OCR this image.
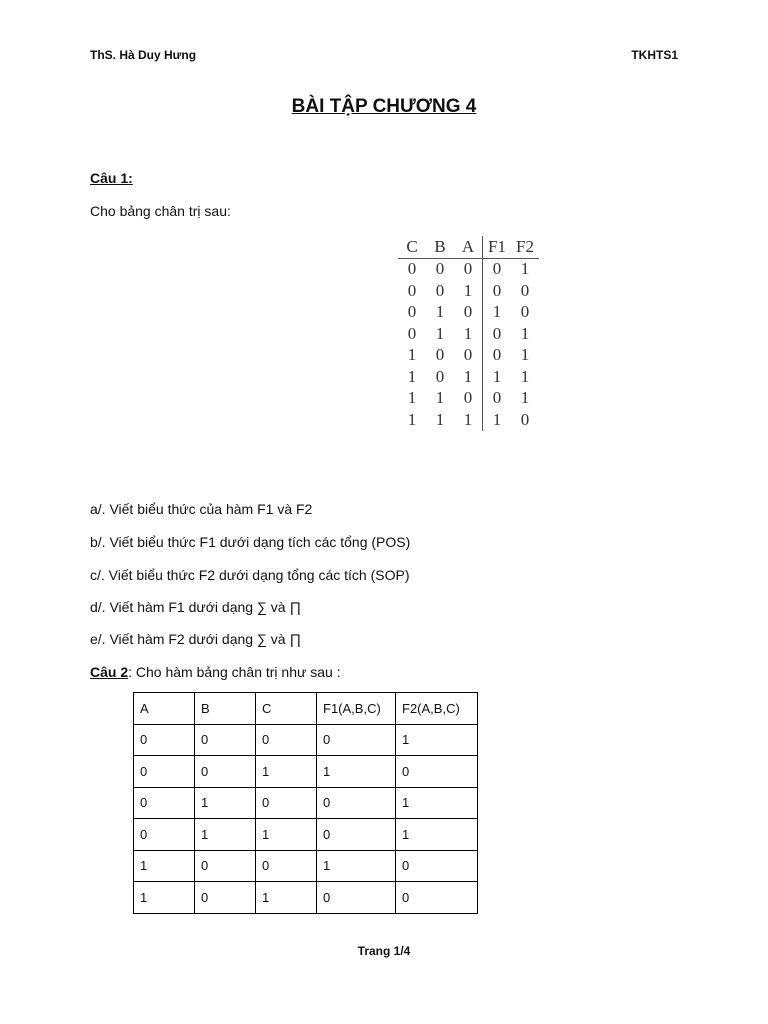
ThS. Hà Duy Hưng	TKHTS1
BÀI TẬP CHƯƠNG 4
Câu 1:
Cho bảng chân trị sau:
C	B	A	F1	F2
0	0	0	0	1
0	0	1	0	0
0	1	0	1	0
0	1	1	0	1
1	0	0	0	1
1	0	1	1	1
1	1	0	0	1
1	1	1	1	0
a/. Viết biểu thức của hàm F1 và F2
b/. Viết biểu thức F1 dưới dạng tích các tổng (POS)
c/. Viết biểu thức F2 dưới dạng tổng các tích (SOP)
d/. Viết hàm F1 dưới dạng ∑ và ∏
e/. Viết hàm F2 dưới dạng ∑ và ∏
Câu 2: Cho hàm bảng chân trị như sau :
A	B	C	F1(A,B,C)	F2(A,B,C)
0	0	0	0	1
0	0	1	1	0
0	1	0	0	1
0	1	1	0	1
1	0	0	1	0
1	0	1	0	0
Trang 1/4
